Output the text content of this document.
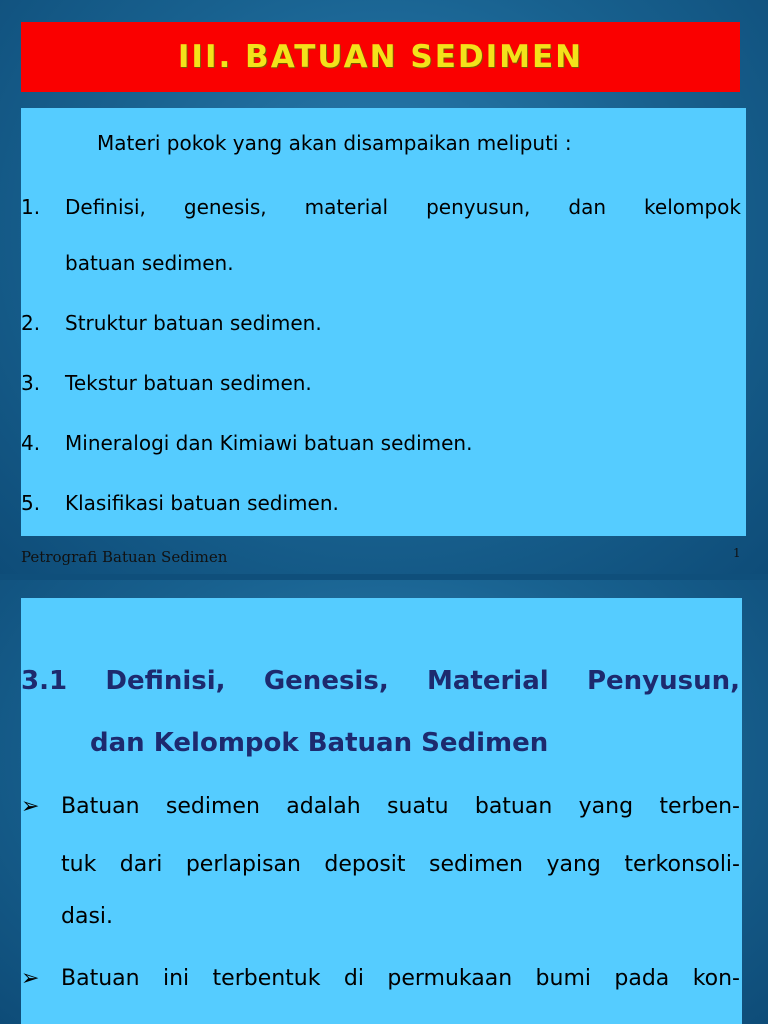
III. BATUAN SEDIMEN
Materi pokok yang akan disampaikan meliputi :
1. Definisi, genesis, material penyusun, dan kelompok
batuan sedimen.
2. Struktur batuan sedimen.
3. Tekstur batuan sedimen.
4. Mineralogi dan Kimiawi batuan sedimen.
5. Klasifikasi batuan sedimen.
Petrografi Batuan Sedimen	1
3.1 Definisi, Genesis, Material Penyusun,
dan Kelompok Batuan Sedimen
➢ Batuan sedimen adalah suatu batuan yang terben-
tuk dari perlapisan deposit sedimen yang terkonsoli-
dasi.
➢ Batuan ini terbentuk di permukaan bumi pada kon-
